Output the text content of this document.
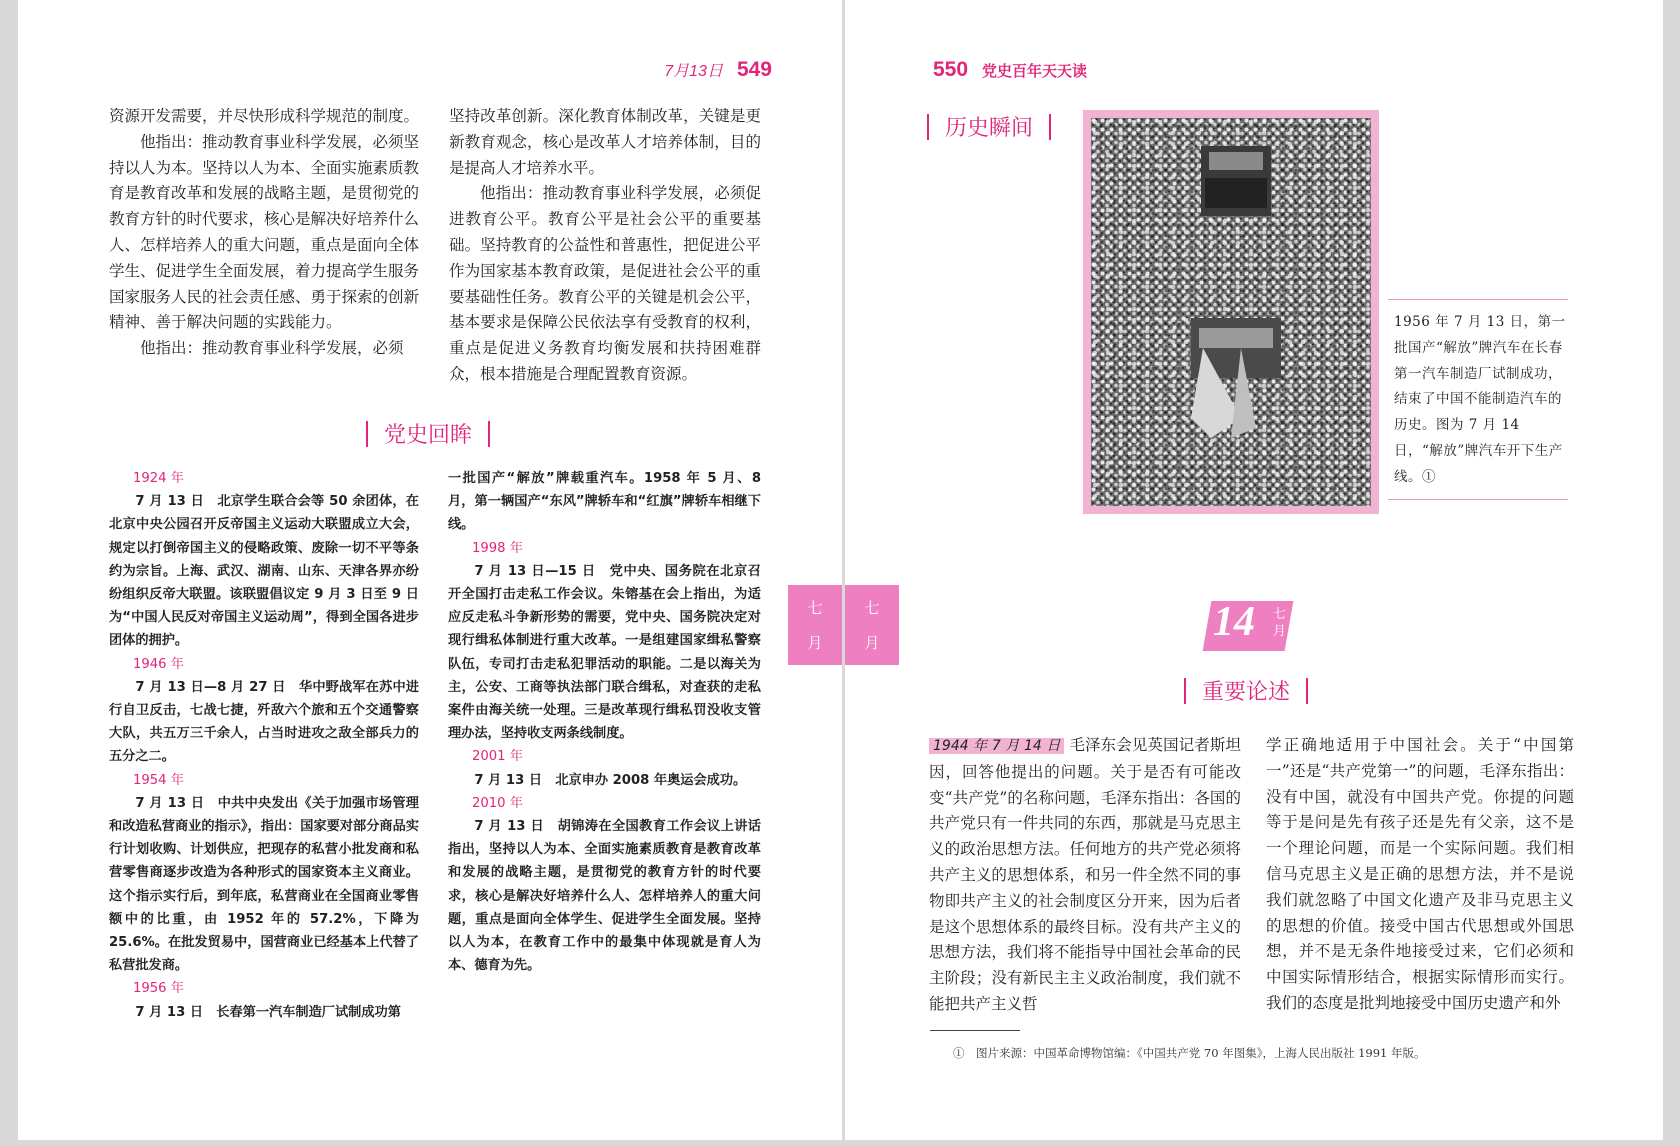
7月13日 549

资源开发需要，并尽快形成科学规范的制度。

他指出：推动教育事业科学发展，必须坚持以人为本。坚持以人为本、全面实施素质教育是教育改革和发展的战略主题，是贯彻党的教育方针的时代要求，核心是解决好培养什么人、怎样培养人的重大问题，重点是面向全体学生、促进学生全面发展，着力提高学生服务国家服务人民的社会责任感、勇于探索的创新精神、善于解决问题的实践能力。

他指出：推动教育事业科学发展，必须

坚持改革创新。深化教育体制改革，关键是更新教育观念，核心是改革人才培养体制，目的是提高人才培养水平。

他指出：推动教育事业科学发展，必须促进教育公平。教育公平是社会公平的重要基础。坚持教育的公益性和普惠性，把促进公平作为国家基本教育政策，是促进社会公平的重要基础性任务。教育公平的关键是机会公平，基本要求是保障公民依法享有受教育的权利，重点是促进义务教育均衡发展和扶持困难群众，根本措施是合理配置教育资源。

党史回眸

1924 年

7 月 13 日　北京学生联合会等 50 余团体，在北京中央公园召开反帝国主义运动大联盟成立大会，规定以打倒帝国主义的侵略政策、废除一切不平等条约为宗旨。上海、武汉、湖南、山东、天津各界亦纷纷组织反帝大联盟。该联盟倡议定 9 月 3 日至 9 日为“中国人民反对帝国主义运动周”，得到全国各进步团体的拥护。

1946 年

7 月 13 日—8 月 27 日　华中野战军在苏中进行自卫反击，七战七捷，歼敌六个旅和五个交通警察大队，共五万三千余人，占当时进攻之敌全部兵力的五分之二。

1954 年

7 月 13 日　中共中央发出《关于加强市场管理和改造私营商业的指示》，指出：国家要对部分商品实行计划收购、计划供应，把现存的私营小批发商和私营零售商逐步改造为各种形式的国家资本主义商业。这个指示实行后，到年底，私营商业在全国商业零售额中的比重，由 1952 年的 57.2%，下降为 25.6%。在批发贸易中，国营商业已经基本上代替了私营批发商。

1956 年

7 月 13 日　长春第一汽车制造厂试制成功第

一批国产“解放”牌载重汽车。1958 年 5 月、8 月，第一辆国产“东风”牌轿车和“红旗”牌轿车相继下线。

1998 年

7 月 13 日—15 日　党中央、国务院在北京召开全国打击走私工作会议。朱镕基在会上指出，为适应反走私斗争新形势的需要，党中央、国务院决定对现行缉私体制进行重大改革。一是组建国家缉私警察队伍，专司打击走私犯罪活动的职能。二是以海关为主，公安、工商等执法部门联合缉私，对查获的走私案件由海关统一处理。三是改革现行缉私罚没收支管理办法，坚持收支两条线制度。

2001 年

7 月 13 日　北京申办 2008 年奥运会成功。

2010 年

7 月 13 日　胡锦涛在全国教育工作会议上讲话指出，坚持以人为本、全面实施素质教育是教育改革和发展的战略主题，是贯彻党的教育方针的时代要求，核心是解决好培养什么人、怎样培养人的重大问题，重点是面向全体学生、促进学生全面发展。坚持以人为本，在教育工作中的最集中体现就是育人为本、德育为先。

七
月
550 党史百年天天读
七
月
历史瞬间
1956 年 7 月 13 日，第一批国产“解放”牌汽车在长春第一汽车制造厂试制成功，结束了中国不能制造汽车的历史。图为 7 月 14 日，“解放”牌汽车开下生产线。①
14 七月
重要论述

1944 年 7 月 14 日 毛泽东会见英国记者斯坦因，回答他提出的问题。关于是否有可能改变“共产党”的名称问题，毛泽东指出：各国的共产党只有一件共同的东西，那就是马克思主义的政治思想方法。任何地方的共产党必须将共产主义的思想体系，和另一件全然不同的事物即共产主义的社会制度区分开来，因为后者是这个思想体系的最终目标。没有共产主义的思想方法，我们将不能指导中国社会革命的民主阶段；没有新民主主义政治制度，我们就不能把共产主义哲

学正确地适用于中国社会。关于“中国第一”还是“共产党第一”的问题，毛泽东指出：没有中国，就没有中国共产党。你提的问题等于是问是先有孩子还是先有父亲，这不是一个理论问题，而是一个实际问题。我们相信马克思主义是正确的思想方法，并不是说我们就忽略了中国文化遗产及非马克思主义的思想的价值。接受中国古代思想或外国思想，并不是无条件地接受过来，它们必须和中国实际情形结合，根据实际情形而实行。我们的态度是批判地接受中国历史遗产和外

①　图片来源：中国革命博物馆编：《中国共产党 70 年图集》，上海人民出版社 1991 年版。
